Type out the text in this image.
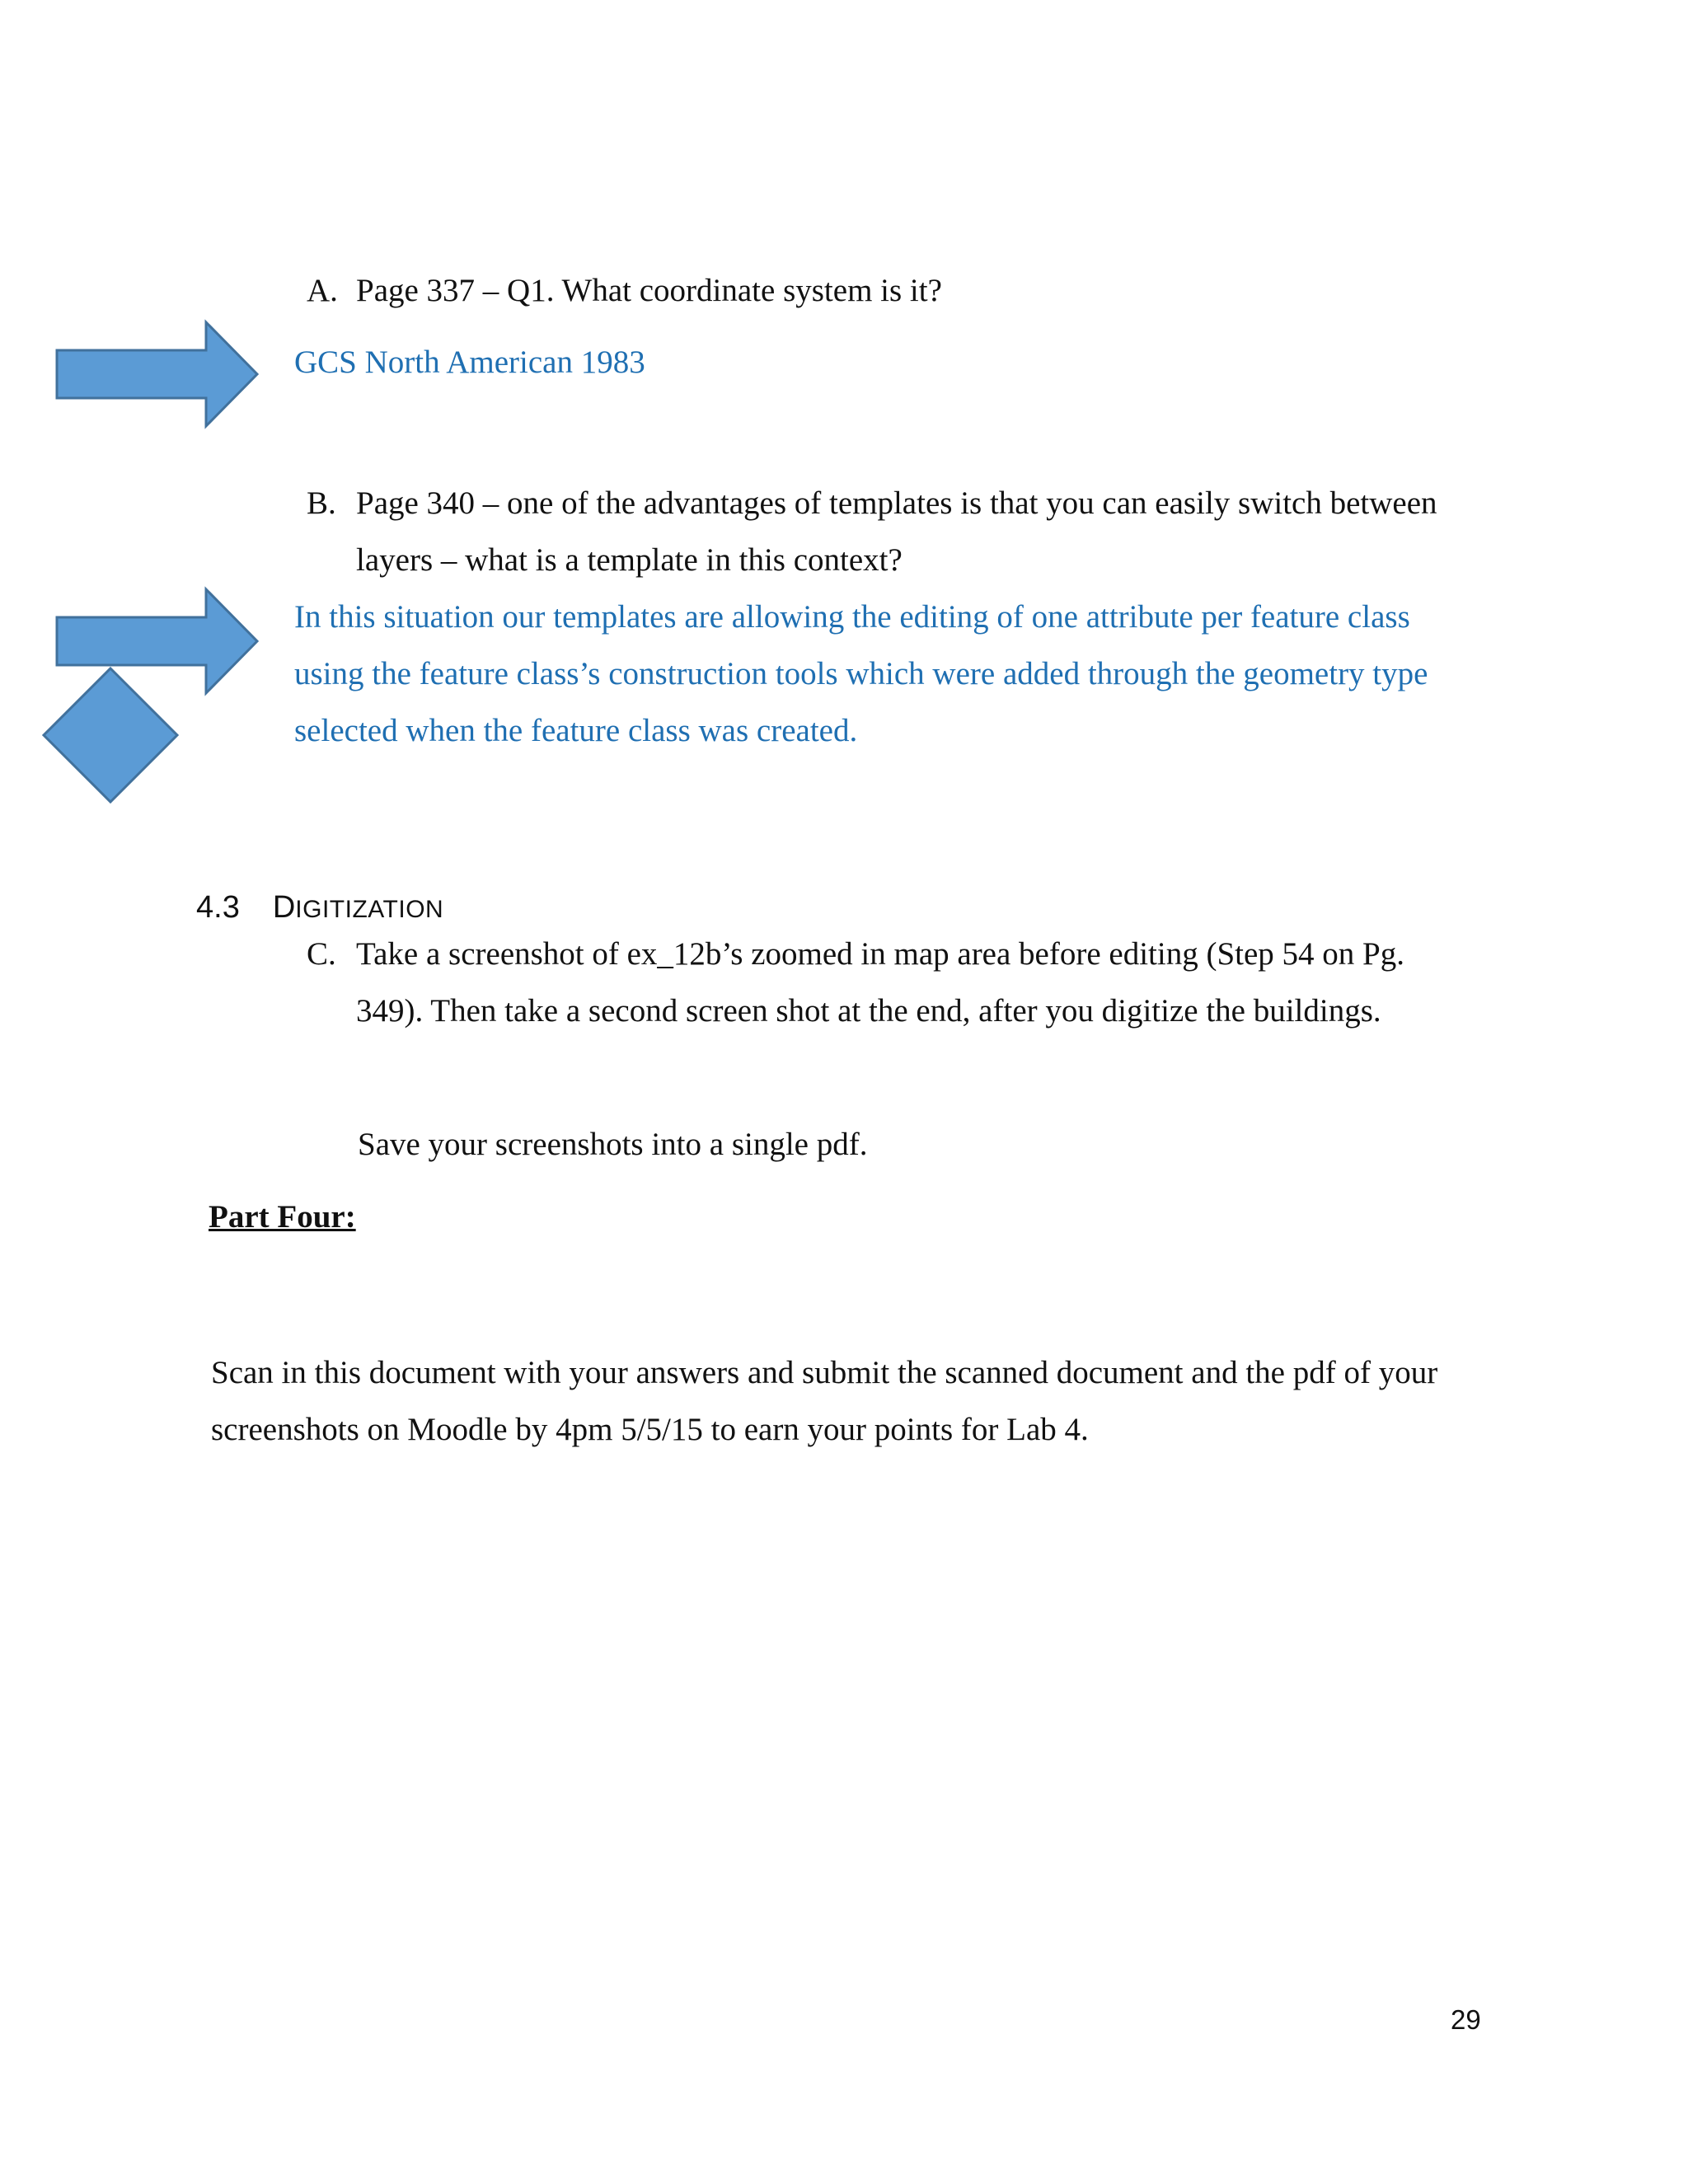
A. Page 337 – Q1. What coordinate system is it?
GCS North American 1983
B. Page 340 – one of the advantages of templates is that you can easily switch between
layers – what is a template in this context?
In this situation our templates are allowing the editing of one attribute per feature class
using the feature class’s construction tools which were added through the geometry type
selected when the feature class was created.
4.3 DIGITIZATION
C. Take a screenshot of ex_12b’s zoomed in map area before editing (Step 54 on Pg.
349). Then take a second screen shot at the end, after you digitize the buildings.
Save your screenshots into a single pdf.
Part Four:
Scan in this document with your answers and submit the scanned document and the pdf of your
screenshots on Moodle by 4pm 5/5/15 to earn your points for Lab 4.
29
